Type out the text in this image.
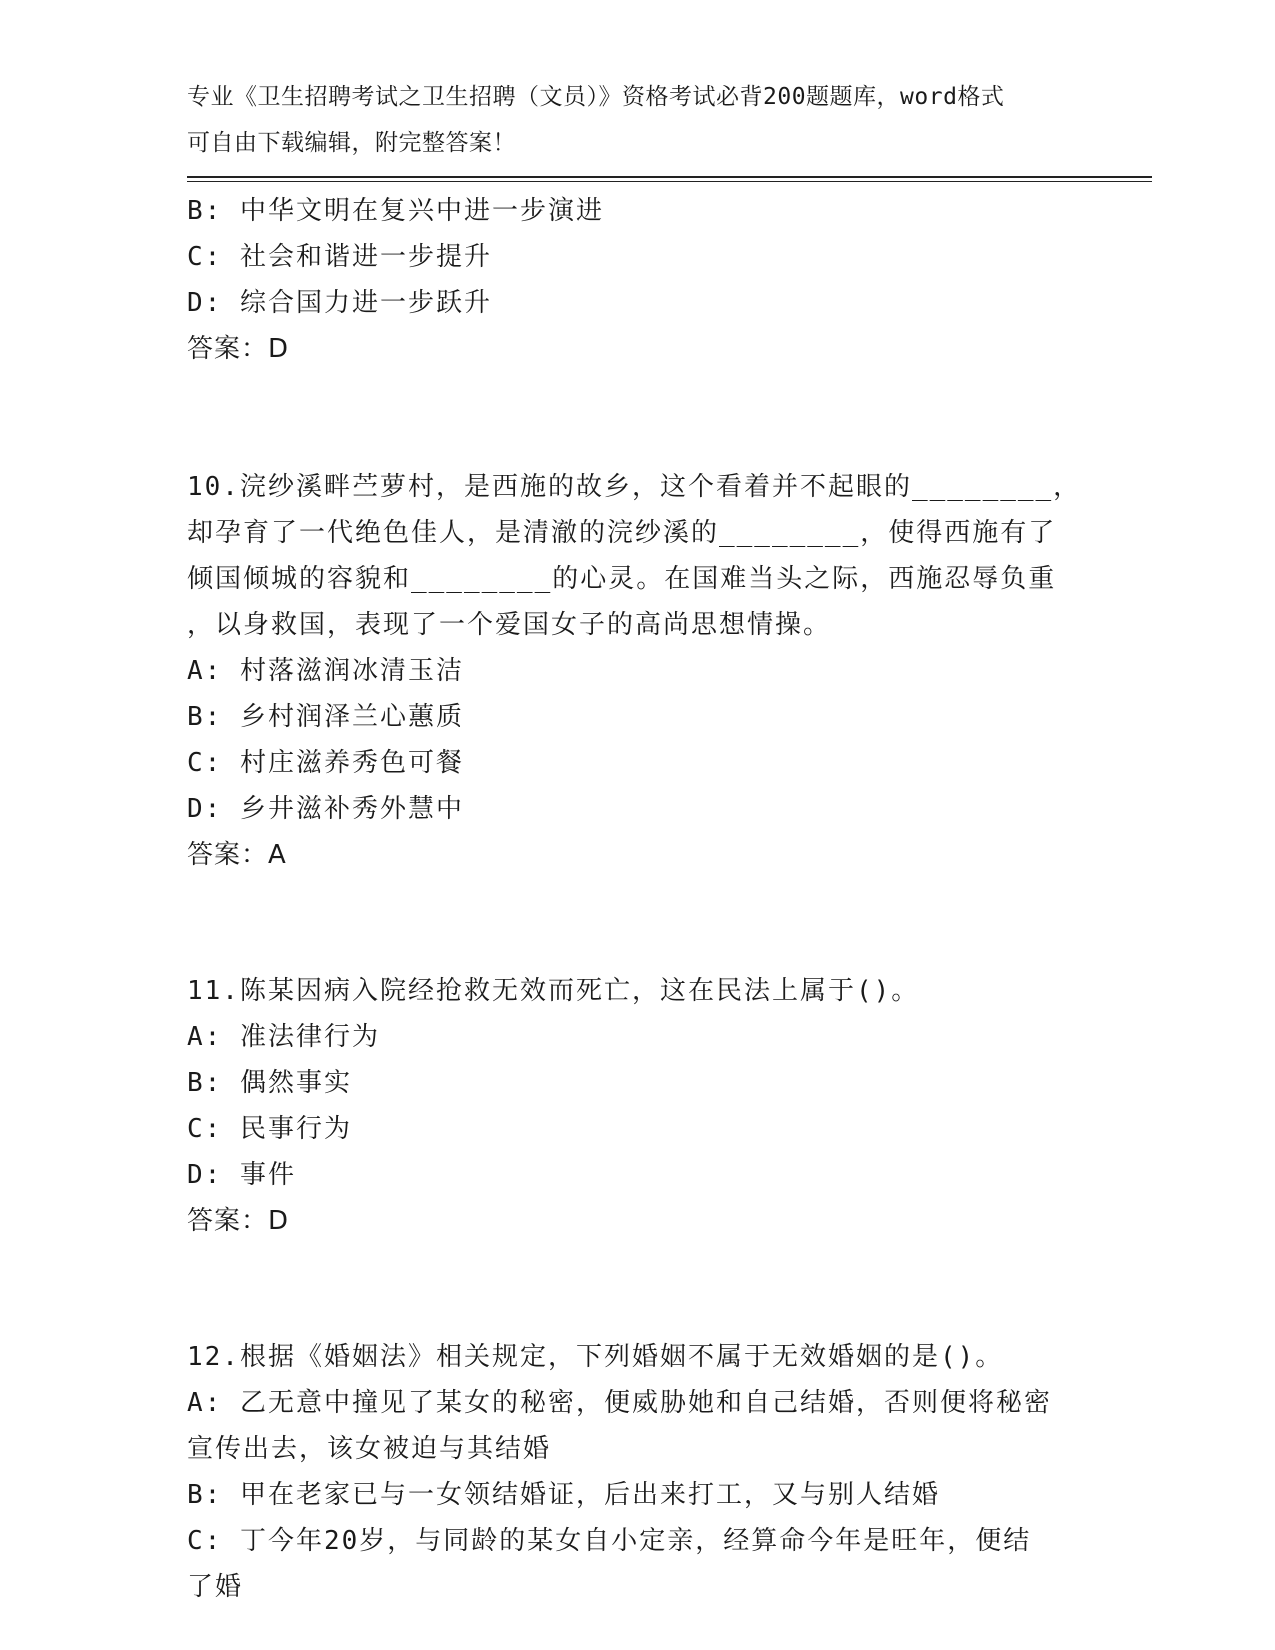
专业《卫生招聘考试之卫生招聘（文员）》资格考试必背200题题库，word格式
可自由下载编辑，附完整答案！
B: 中华文明在复兴中进一步演进
C: 社会和谐进一步提升
D: 综合国力进一步跃升
答案：D
10.浣纱溪畔苎萝村，是西施的故乡，这个看着并不起眼的________，
却孕育了一代绝色佳人，是清澈的浣纱溪的________，使得西施有了
倾国倾城的容貌和________的心灵。在国难当头之际，西施忍辱负重
，以身救国，表现了一个爱国女子的高尚思想情操。
A: 村落滋润冰清玉洁
B: 乡村润泽兰心蕙质
C: 村庄滋养秀色可餐
D: 乡井滋补秀外慧中
答案：A
11.陈某因病入院经抢救无效而死亡，这在民法上属于()。
A: 准法律行为
B: 偶然事实
C: 民事行为
D: 事件
答案：D
12.根据《婚姻法》相关规定，下列婚姻不属于无效婚姻的是()。
A: 乙无意中撞见了某女的秘密，便威胁她和自己结婚，否则便将秘密
宣传出去，该女被迫与其结婚
B: 甲在老家已与一女领结婚证，后出来打工，又与别人结婚
C: 丁今年20岁，与同龄的某女自小定亲，经算命今年是旺年，便结
了婚
